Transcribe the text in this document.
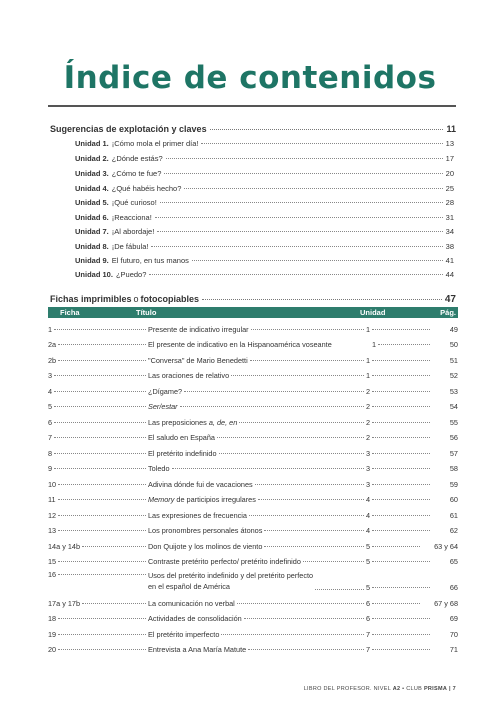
Índice de contenidos
Sugerencias de explotación y claves	11
Unidad 1. ¡Cómo mola el primer día!	13
Unidad 2. ¿Dónde estás?	17
Unidad 3. ¿Cómo te fue?	20
Unidad 4. ¿Qué habéis hecho?	25
Unidad 5. ¡Qué curioso!	28
Unidad 6. ¡Reacciona!	31
Unidad 7. ¡Al abordaje!	34
Unidad 8. ¡De fábula!	38
Unidad 9. El futuro, en tus manos	41
Unidad 10. ¿Puedo?	44
Fichas imprimibles o fotocopiables	47
Ficha	Título	Unidad	Pág.
1	Presente de indicativo irregular	1	49
2a	El presente de indicativo en la Hispanoamérica voseante	1	50
2b	"Conversa" de Mario Benedetti	1	51
3	Las oraciones de relativo	1	52
4	¿Dígame?	2	53
5	Ser/estar	2	54
6	Las preposiciones a, de, en	2	55
7	El saludo en España	2	56
8	El pretérito indefinido	3	57
9	Toledo	3	58
10	Adivina dónde fui de vacaciones	3	59
11	Memory de participios irregulares	4	60
12	Las expresiones de frecuencia	4	61
13	Los pronombres personales átonos	4	62
14a y 14b	Don Quijote y los molinos de viento	5	63 y 64
15	Contraste pretérito perfecto/ pretérito indefinido	5	65
16	Usos del pretérito indefinido y del pretérito perfecto
en el español de América	5	66
17a y 17b	La comunicación no verbal	6	67 y 68
18	Actividades de consolidación	6	69
19	El pretérito imperfecto	7	70
20	Entrevista a Ana María Matute	7	71
LIBRO DEL PROFESOR. NIVEL A2 • CLUB PRISMA | 7
